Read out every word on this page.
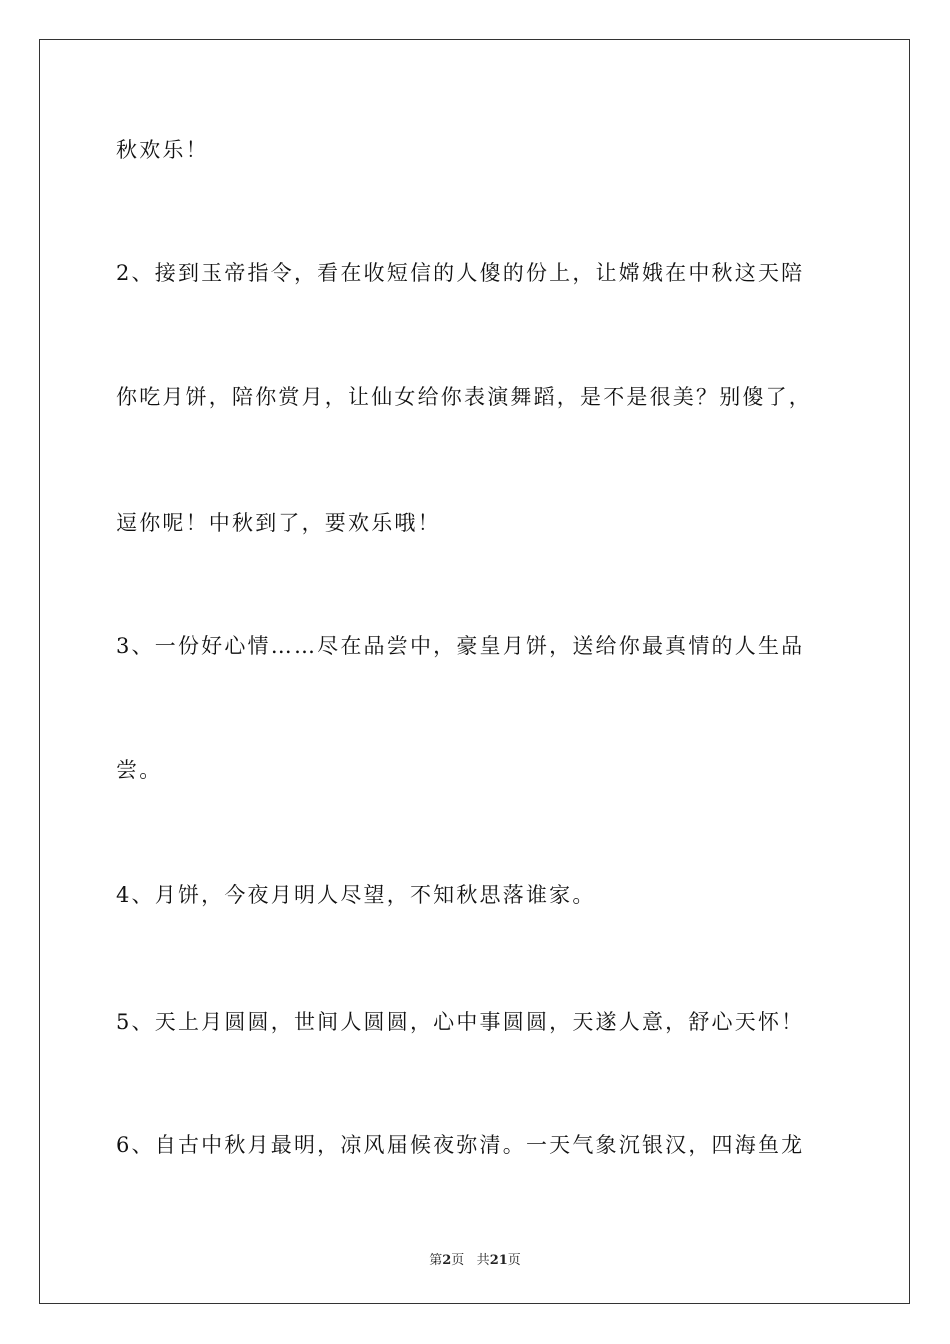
秋欢乐！
2、接到玉帝指令，看在收短信的人傻的份上，让嫦娥在中秋这天陪
你吃月饼，陪你赏月，让仙女给你表演舞蹈，是不是很美？别傻了，
逗你呢！中秋到了，要欢乐哦！
3、一份好心情……尽在品尝中，豪皇月饼，送给你最真情的人生品
尝。
4、月饼，今夜月明人尽望，不知秋思落谁家。
5、天上月圆圆，世间人圆圆，心中事圆圆，天遂人意，舒心天怀！
6、自古中秋月最明，凉风届候夜弥清。一天气象沉银汉，四海鱼龙
第2页 共21页
